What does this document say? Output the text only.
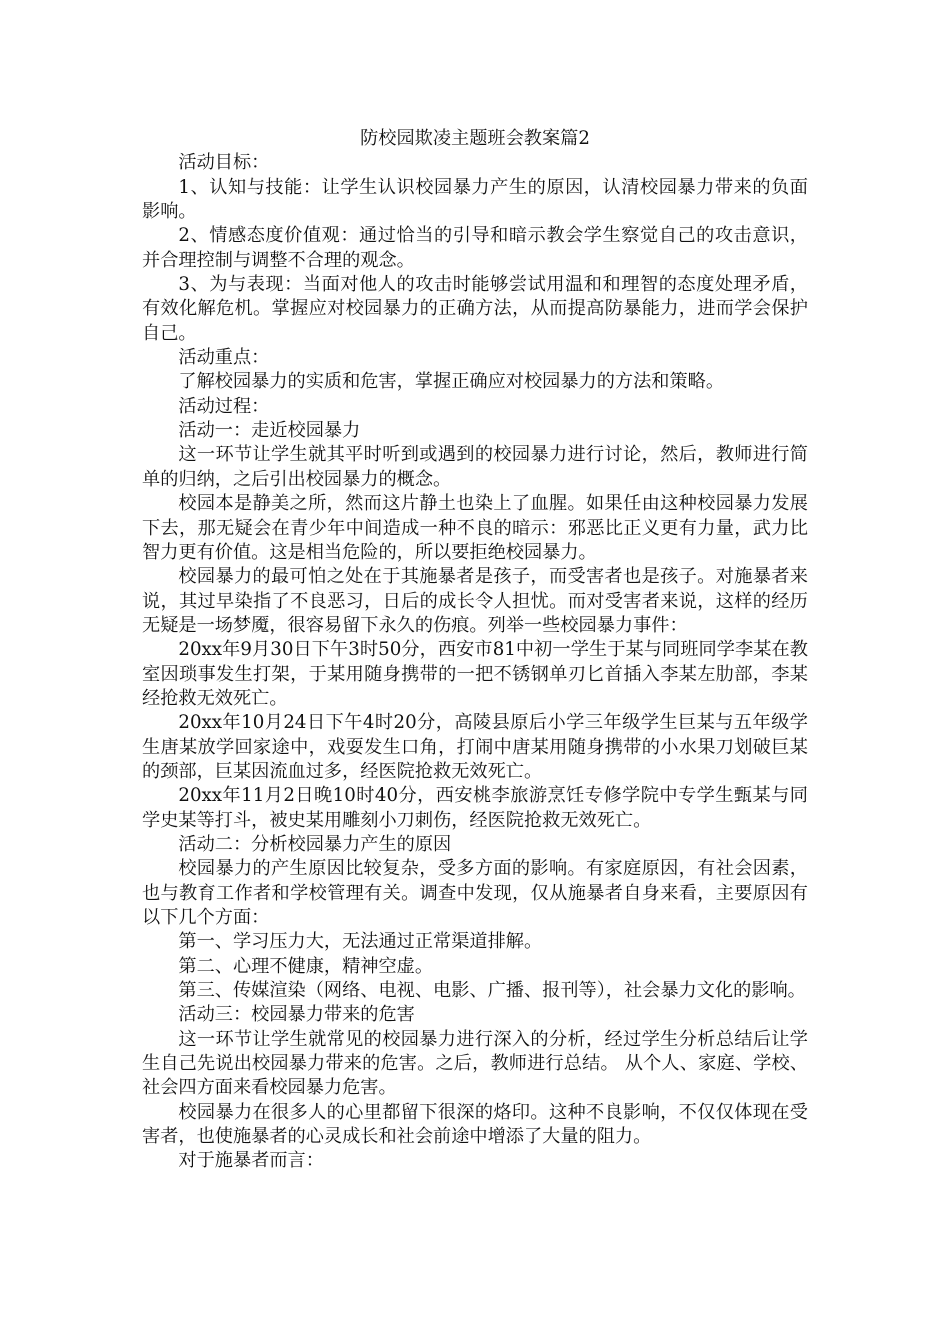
防校园欺凌主题班会教案篇2

活动目标：

1、认知与技能：让学生认识校园暴力产生的原因，认清校园暴力带来的负面影响。

2、情感态度价值观：通过恰当的引导和暗示教会学生察觉自己的攻击意识，并合理控制与调整不合理的观念。

3、为与表现：当面对他人的攻击时能够尝试用温和和理智的态度处理矛盾，有效化解危机。掌握应对校园暴力的正确方法，从而提高防暴能力，进而学会保护自己。

活动重点：

了解校园暴力的实质和危害，掌握正确应对校园暴力的方法和策略。

活动过程：

活动一：走近校园暴力

这一环节让学生就其平时听到或遇到的校园暴力进行讨论，然后，教师进行简单的归纳，之后引出校园暴力的概念。

校园本是静美之所，然而这片静土也染上了血腥。如果任由这种校园暴力发展下去，那无疑会在青少年中间造成一种不良的暗示：邪恶比正义更有力量，武力比智力更有价值。这是相当危险的，所以要拒绝校园暴力。

校园暴力的最可怕之处在于其施暴者是孩子，而受害者也是孩子。对施暴者来说，其过早染指了不良恶习，日后的成长令人担忧。而对受害者来说，这样的经历无疑是一场梦魇，很容易留下永久的伤痕。列举一些校园暴力事件：

20xx年9月30日下午3时50分，西安市81中初一学生于某与同班同学李某在教室因琐事发生打架，于某用随身携带的一把不锈钢单刃匕首插入李某左肋部，李某经抢救无效死亡。

20xx年10月24日下午4时20分，高陵县原后小学三年级学生巨某与五年级学生唐某放学回家途中，戏耍发生口角，打闹中唐某用随身携带的小水果刀划破巨某的颈部，巨某因流血过多，经医院抢救无效死亡。

20xx年11月2日晚10时40分，西安桃李旅游烹饪专修学院中专学生甄某与同学史某等打斗，被史某用雕刻小刀刺伤，经医院抢救无效死亡。

活动二：分析校园暴力产生的原因

校园暴力的产生原因比较复杂，受多方面的影响。有家庭原因，有社会因素，也与教育工作者和学校管理有关。调查中发现，仅从施暴者自身来看，主要原因有以下几个方面：

第一、学习压力大，无法通过正常渠道排解。

第二、心理不健康，精神空虚。

第三、传媒渲染（网络、电视、电影、广播、报刊等），社会暴力文化的影响。

活动三：校园暴力带来的危害

这一环节让学生就常见的校园暴力进行深入的分析，经过学生分析总结后让学生自己先说出校园暴力带来的危害。之后，教师进行总结。 从个人、家庭、学校、社会四方面来看校园暴力危害。

校园暴力在很多人的心里都留下很深的烙印。这种不良影响，不仅仅体现在受害者，也使施暴者的心灵成长和社会前途中增添了大量的阻力。

对于施暴者而言：
